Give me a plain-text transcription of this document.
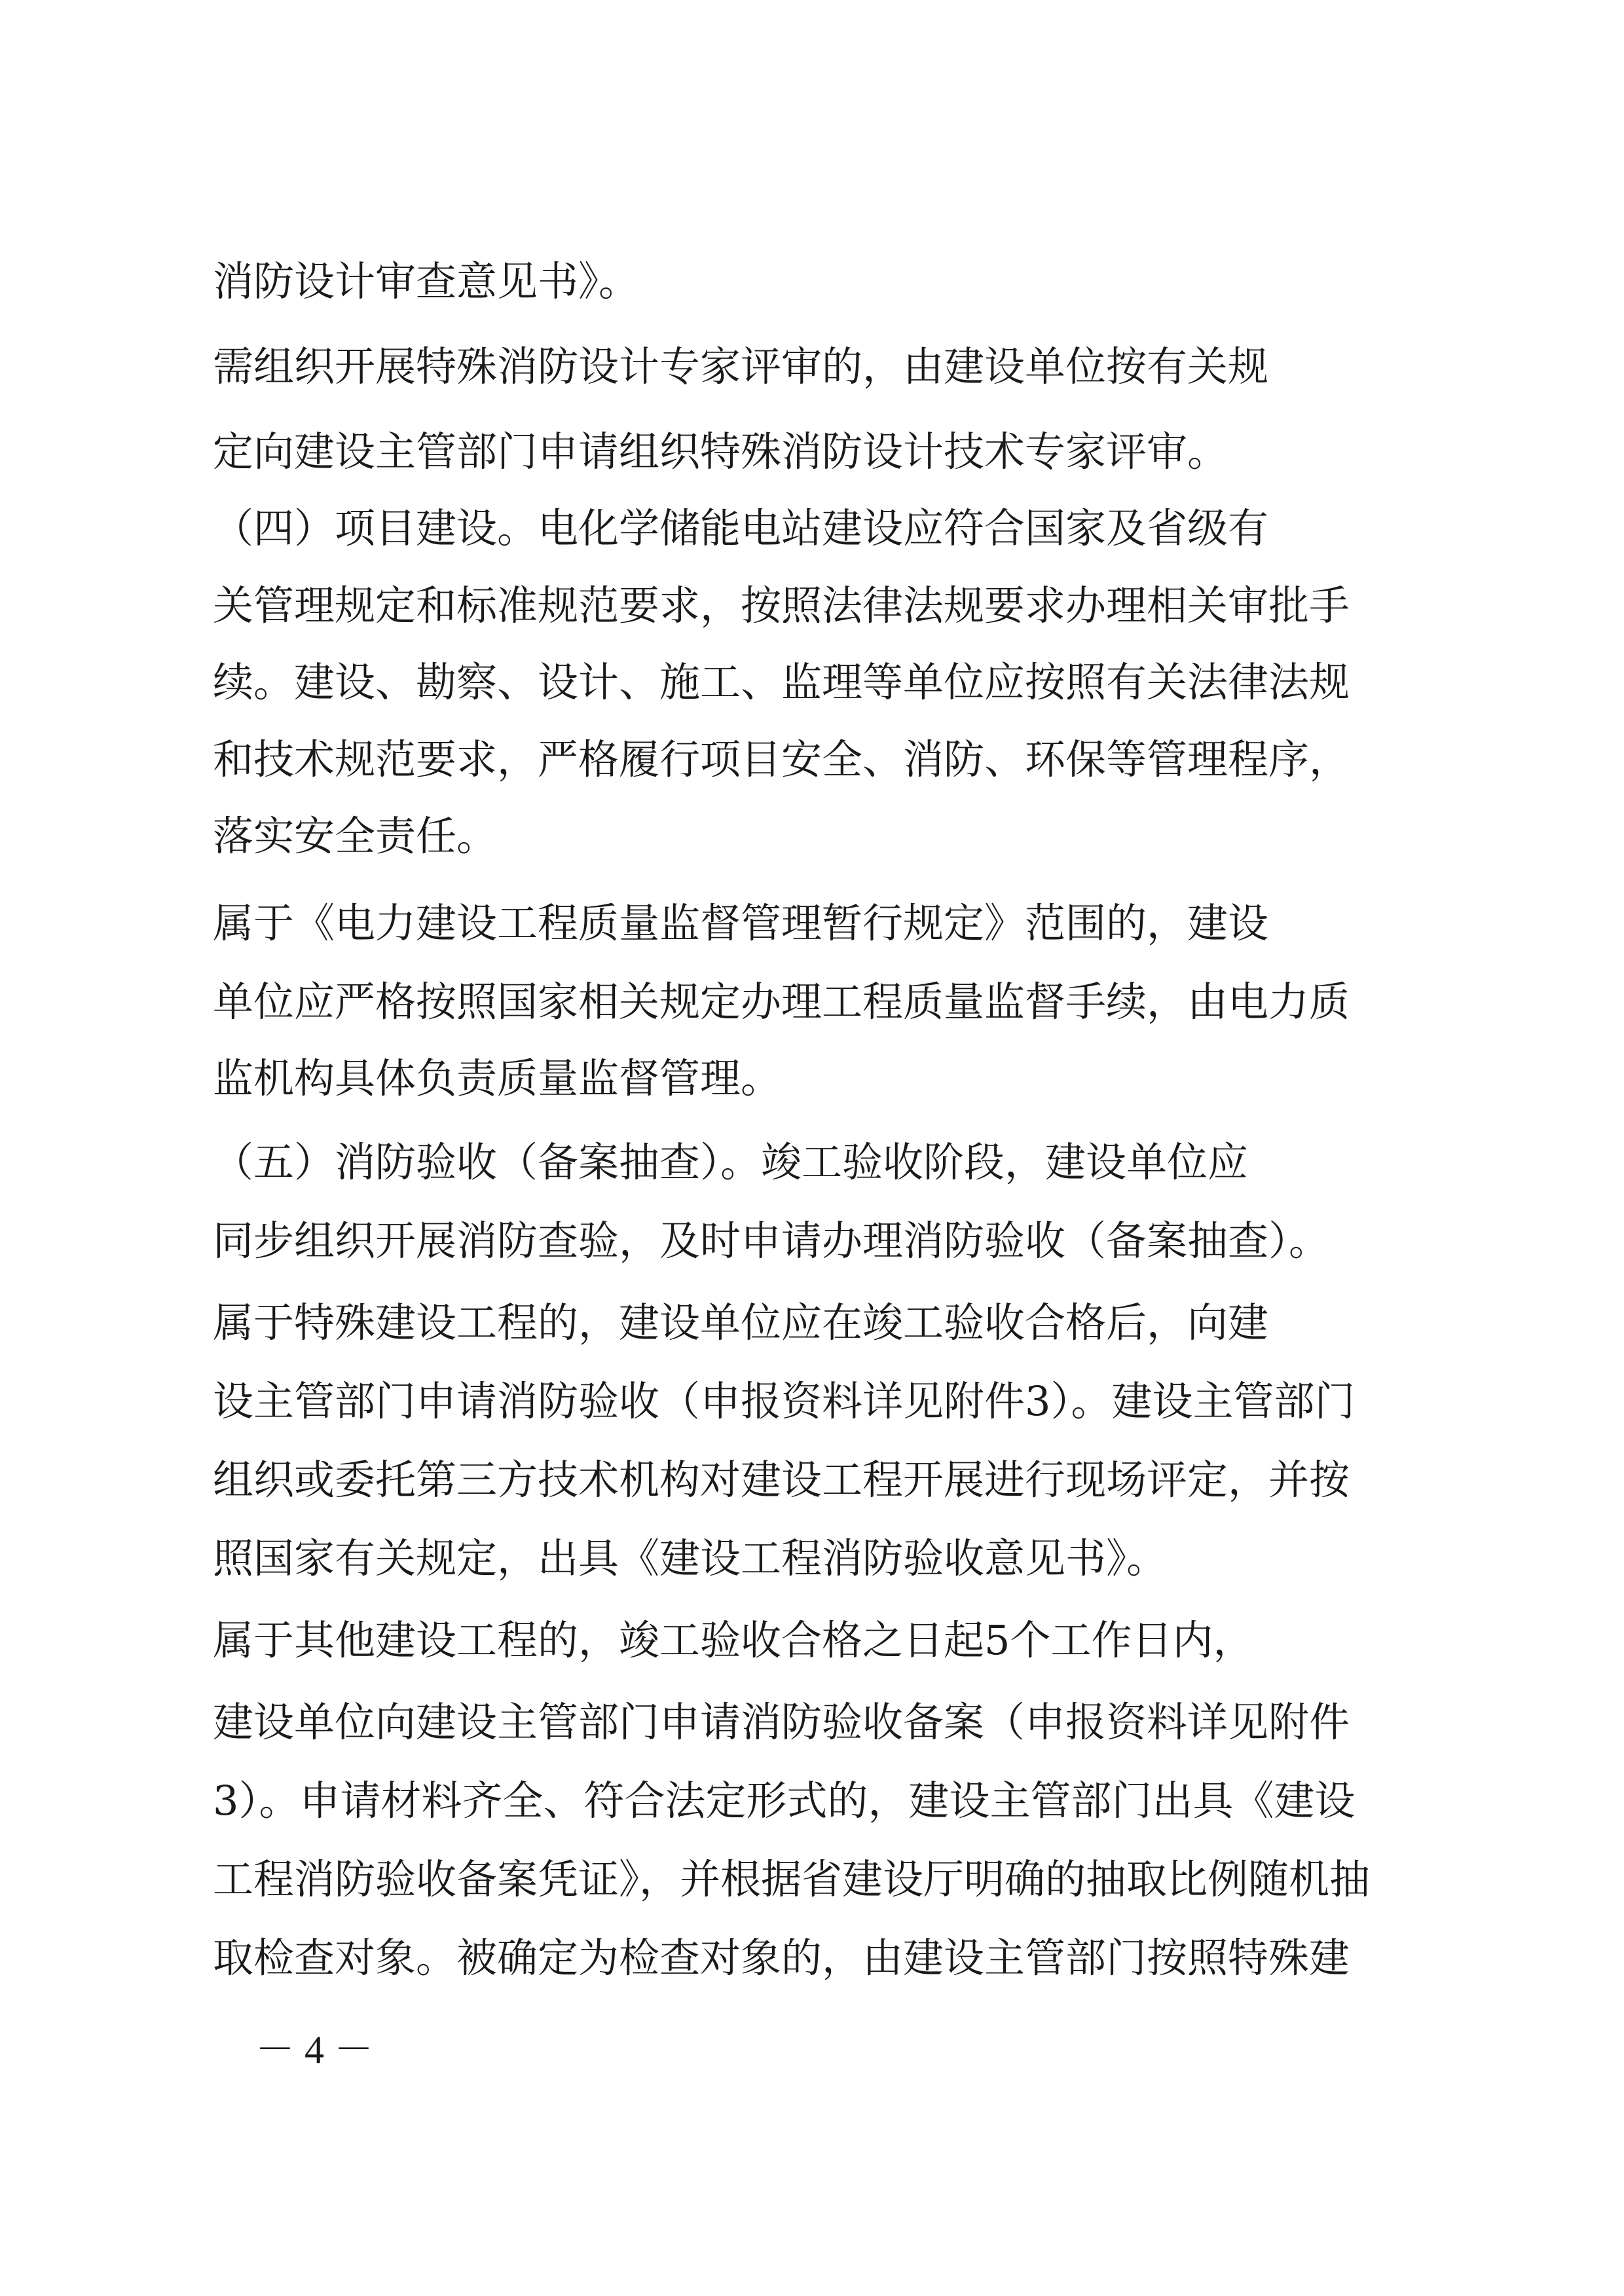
消防设计审查意见书》。
需组织开展特殊消防设计专家评审的，由建设单位按有关规
定向建设主管部门申请组织特殊消防设计技术专家评审。
（四）项目建设。电化学储能电站建设应符合国家及省级有
关管理规定和标准规范要求，按照法律法规要求办理相关审批手
续。建设、勘察、设计、施工、监理等单位应按照有关法律法规
和技术规范要求，严格履行项目安全、消防、环保等管理程序，
落实安全责任。
属于《电力建设工程质量监督管理暂行规定》范围的，建设
单位应严格按照国家相关规定办理工程质量监督手续，由电力质
监机构具体负责质量监督管理。
（五）消防验收（备案抽查）。竣工验收阶段，建设单位应
同步组织开展消防查验，及时申请办理消防验收（备案抽查）。
属于特殊建设工程的，建设单位应在竣工验收合格后，向建
设主管部门申请消防验收（申报资料详见附件3）。建设主管部门
组织或委托第三方技术机构对建设工程开展进行现场评定，并按
照国家有关规定，出具《建设工程消防验收意见书》。
属于其他建设工程的，竣工验收合格之日起5个工作日内，
建设单位向建设主管部门申请消防验收备案（申报资料详见附件
3）。申请材料齐全、符合法定形式的，建设主管部门出具《建设
工程消防验收备案凭证》，并根据省建设厅明确的抽取比例随机抽
取检查对象。被确定为检查对象的，由建设主管部门按照特殊建
－ 4 －
